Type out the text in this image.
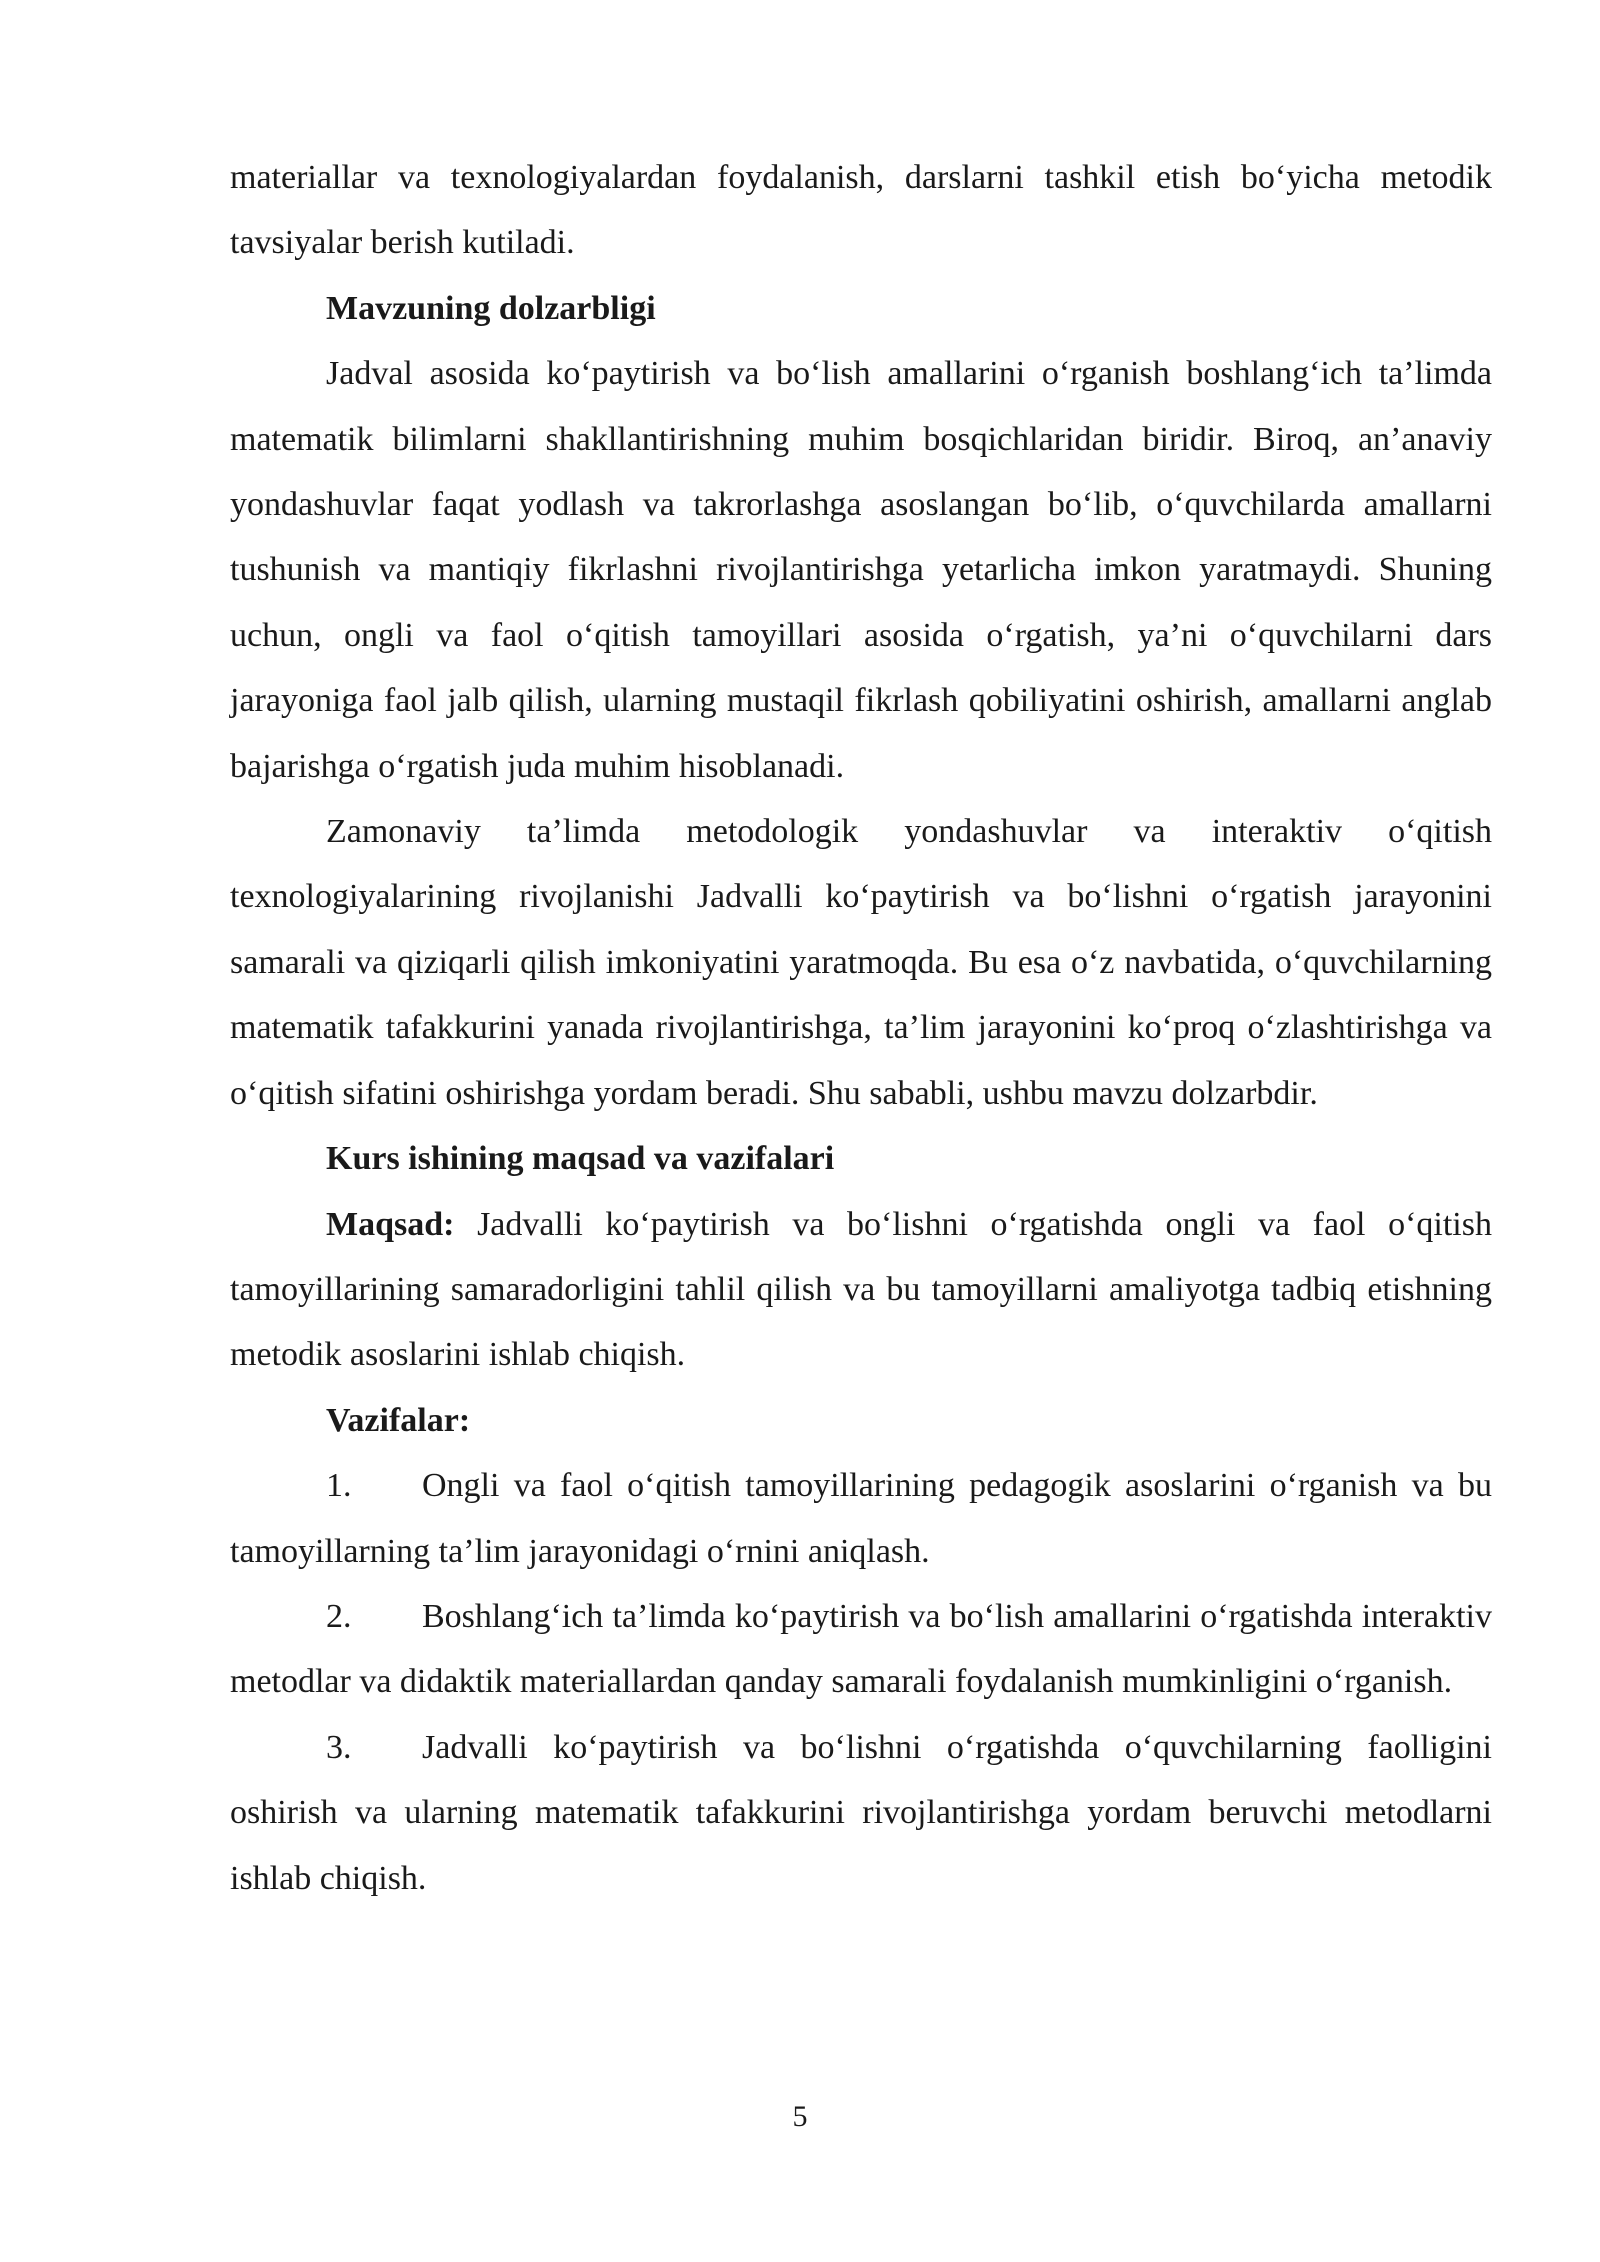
materiallar va texnologiyalardan foydalanish, darslarni tashkil etish bo‘yicha metodik tavsiyalar berish kutiladi.

Mavzuning dolzarbligi

Jadval asosida ko‘paytirish va bo‘lish amallarini o‘rganish boshlang‘ich ta’limda matematik bilimlarni shakllantirishning muhim bosqichlaridan biridir. Biroq, an’anaviy yondashuvlar faqat yodlash va takrorlashga asoslangan bo‘lib, o‘quvchilarda amallarni tushunish va mantiqiy fikrlashni rivojlantirishga yetarlicha imkon yaratmaydi. Shuning uchun, ongli va faol o‘qitish tamoyillari asosida o‘rgatish, ya’ni o‘quvchilarni dars jarayoniga faol jalb qilish, ularning mustaqil fikrlash qobiliyatini oshirish, amallarni anglab bajarishga o‘rgatish juda muhim hisoblanadi.

Zamonaviy ta’limda metodologik yondashuvlar va interaktiv o‘qitish texnologiyalarining rivojlanishi Jadvalli ko‘paytirish va bo‘lishni o‘rgatish jarayonini samarali va qiziqarli qilish imkoniyatini yaratmoqda. Bu esa o‘z navbatida, o‘quvchilarning matematik tafakkurini yanada rivojlantirishga, ta’lim jarayonini ko‘proq o‘zlashtirishga va o‘qitish sifatini oshirishga yordam beradi. Shu sababli, ushbu mavzu dolzarbdir.

Kurs ishining maqsad va vazifalari

Maqsad: Jadvalli ko‘paytirish va bo‘lishni o‘rgatishda ongli va faol o‘qitish tamoyillarining samaradorligini tahlil qilish va bu tamoyillarni amaliyotga tadbiq etishning metodik asoslarini ishlab chiqish.

Vazifalar:

1. Ongli va faol o‘qitish tamoyillarining pedagogik asoslarini o‘rganish va bu tamoyillarning ta’lim jarayonidagi o‘rnini aniqlash.

2. Boshlang‘ich ta’limda ko‘paytirish va bo‘lish amallarini o‘rgatishda interaktiv metodlar va didaktik materiallardan qanday samarali foydalanish mumkinligini o‘rganish.

3. Jadvalli ko‘paytirish va bo‘lishni o‘rgatishda o‘quvchilarning faolligini oshirish va ularning matematik tafakkurini rivojlantirishga yordam beruvchi metodlarni ishlab chiqish.

5
